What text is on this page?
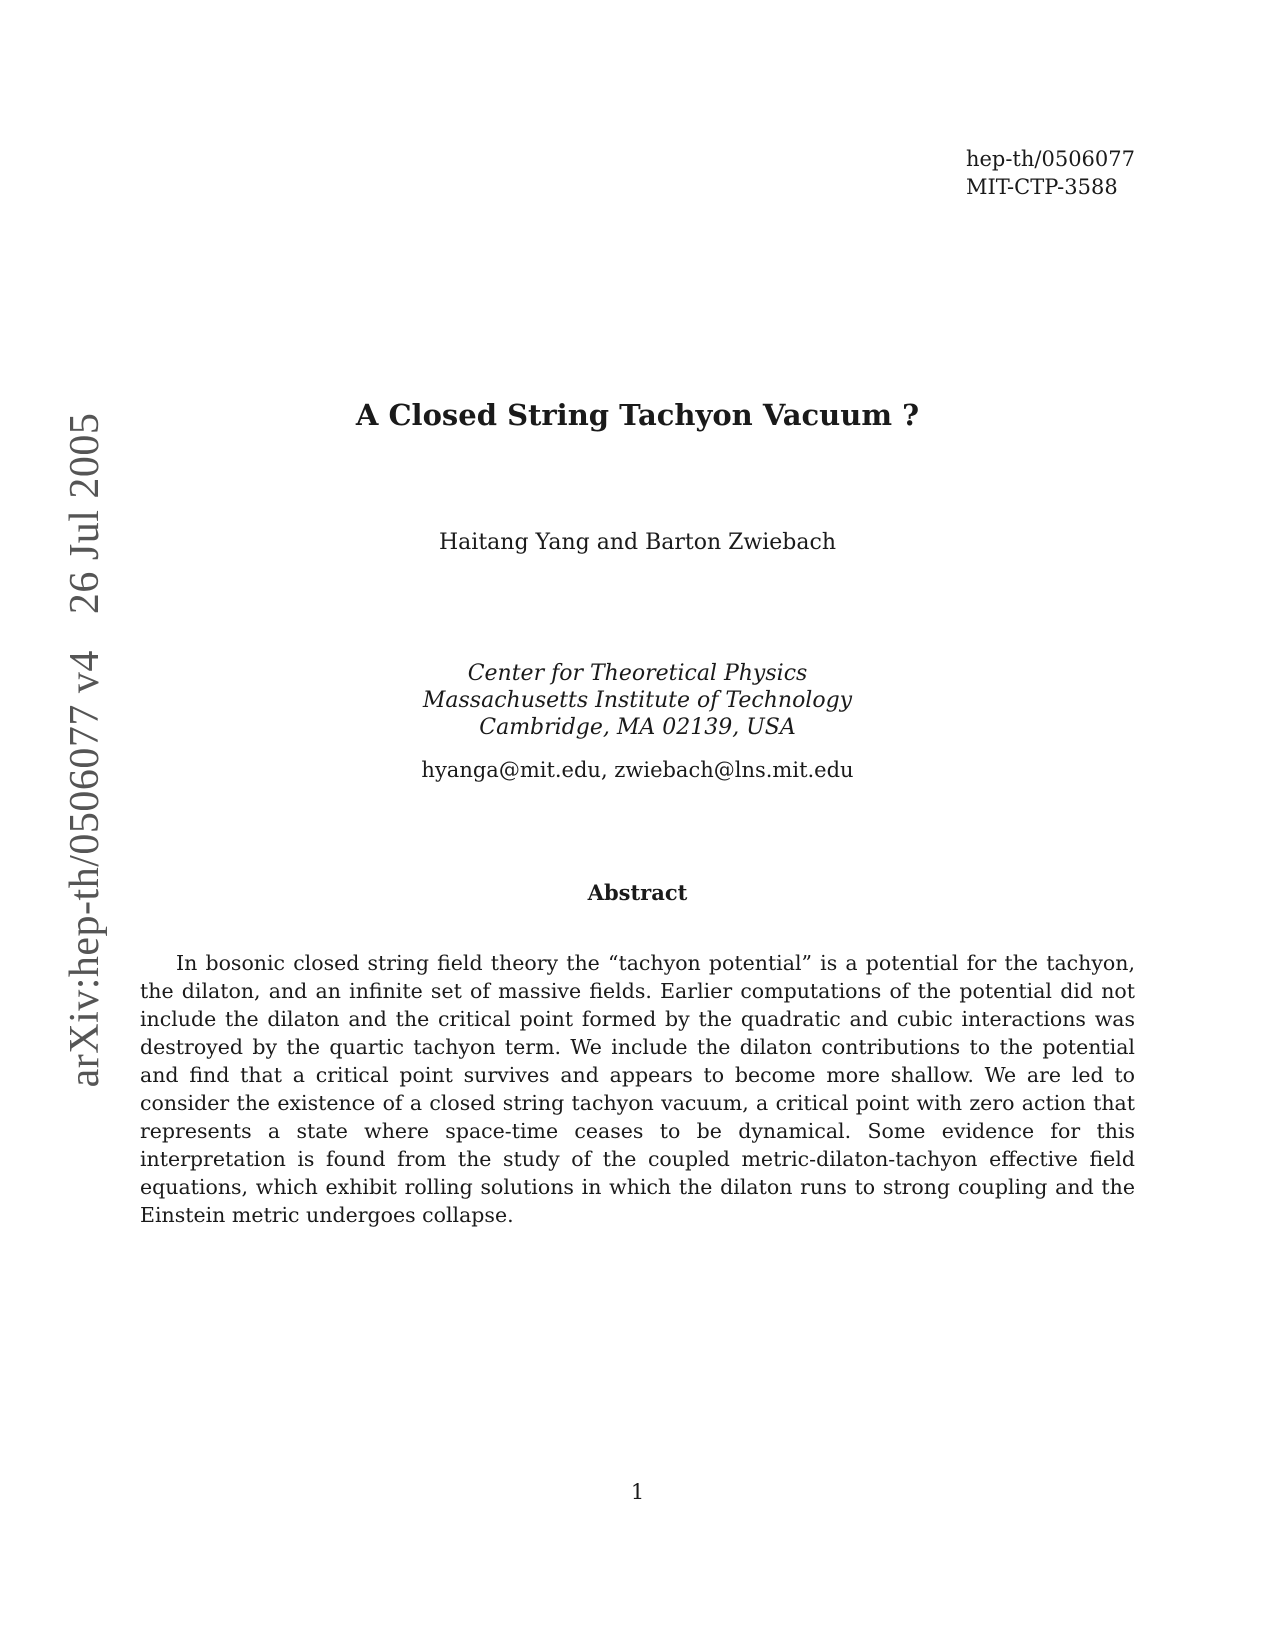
hep-th/0506077
MIT-CTP-3588
arXiv:hep-th/0506077 v426 Jul 2005	A Closed String Tachyon Vacuum ?
Haitang Yang and Barton Zwiebach
Center for Theoretical Physics
Massachusetts Institute of Technology
Cambridge, MA 02139, USA
hyanga@mit.edu, zwiebach@lns.mit.edu
Abstract

In bosonic closed string field theory the “tachyon potential” is a potential for the tachyon, the dilaton, and an infinite set of massive fields. Earlier computations of the potential did not include the dilaton and the critical point formed by the quadratic and cubic interactions was destroyed by the quartic tachyon term. We include the dilaton contributions to the potential and find that a critical point survives and appears to become more shallow. We are led to consider the existence of a closed string tachyon vacuum, a critical point with zero action that represents a state where space-time ceases to be dynamical. Some evidence for this interpretation is found from the study of the coupled metric-dilaton-tachyon effective field equations, which exhibit rolling solutions in which the dilaton runs to strong coupling and the Einstein metric undergoes collapse.

1
